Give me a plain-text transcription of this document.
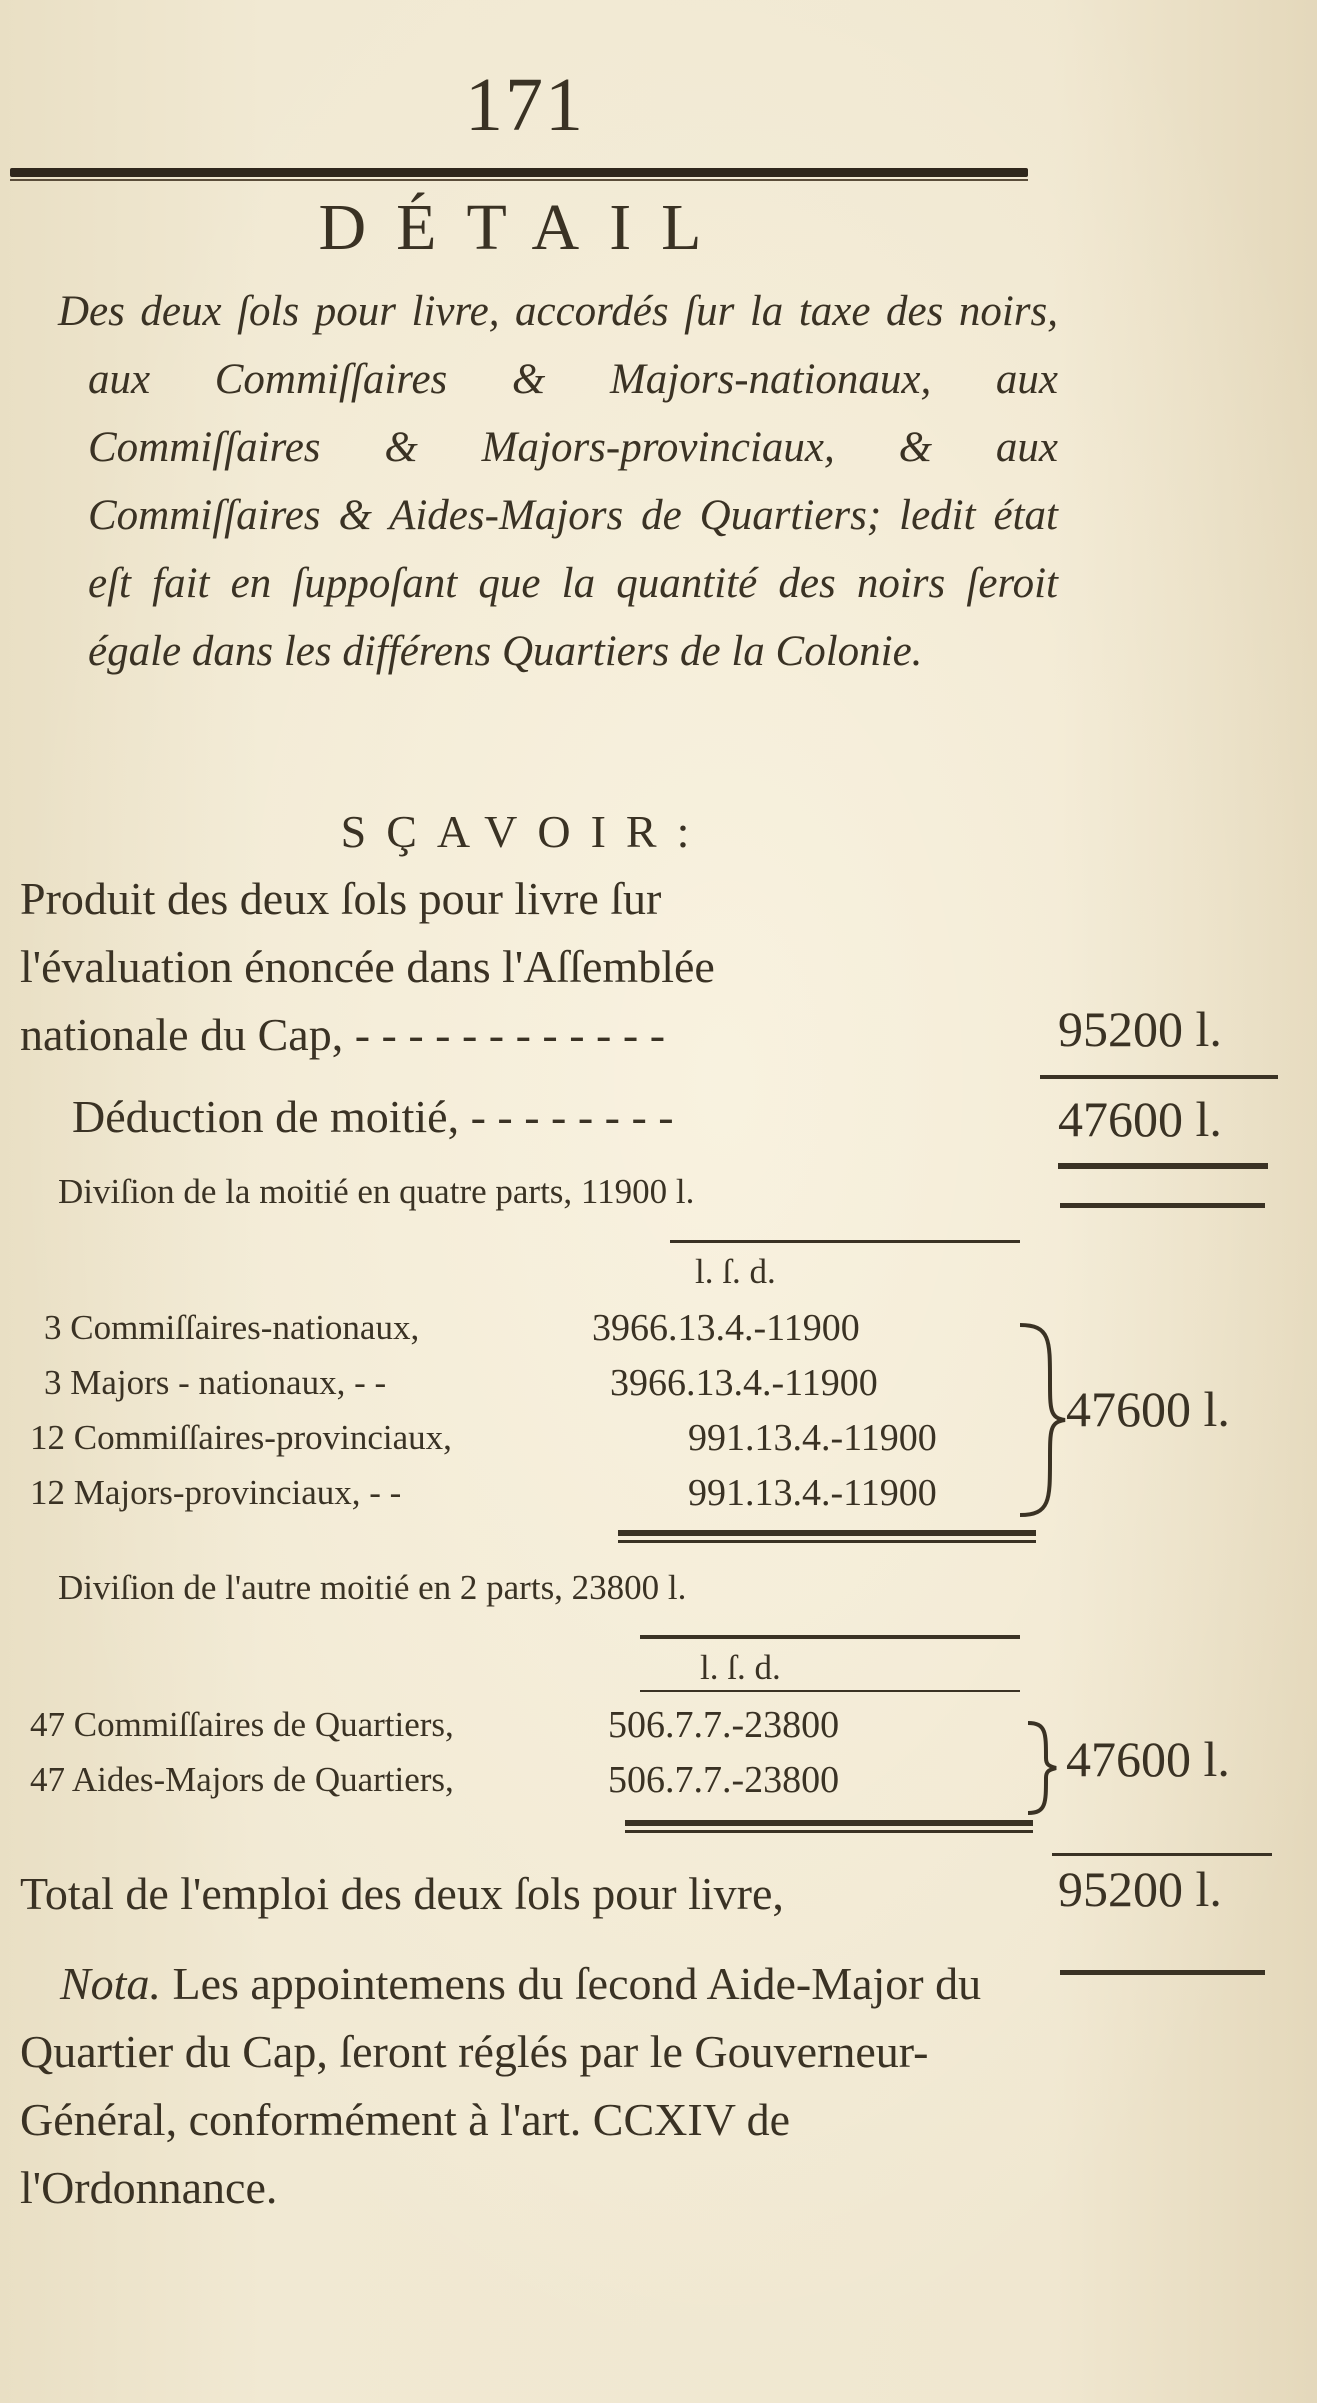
171
DÉTAIL
Des deux ſols pour livre, accordés ſur la taxe des noirs, aux Commiſſaires & Majors-nationaux, aux Commiſſaires & Majors-provinciaux, & aux Commiſſaires & Aides-Majors de Quartiers; ledit état eſt fait en ſuppoſant que la quantité des noirs ſeroit égale dans les différens Quartiers de la Colonie.
SÇAVOIR:
Produit des deux ſols pour livre ſur
l'évaluation énoncée dans l'Aſſemblée
nationale du Cap, - - - - - - - - - - - -	95200 l.
Déduction de moitié, - - - - - - - -	47600 l.
Diviſion de la moitié en quatre parts, 11900 l.
l. ſ. d.
3 Commiſſaires-nationaux,	3966.13.4.-11900
3 Majors - nationaux, - -	3966.13.4.-11900
12 Commiſſaires-provinciaux,	991.13.4.-11900
12 Majors-provinciaux, - -	991.13.4.-11900
47600 l.
Diviſion de l'autre moitié en 2 parts, 23800 l.
l. ſ. d.
47 Commiſſaires de Quartiers,	506.7.7.-23800
47 Aides-Majors de Quartiers,	506.7.7.-23800	47600 l.
Total de l'emploi des deux ſols pour livre,	95200 l.
Nota. Les appointemens du ſecond Aide-Major du Quartier du Cap, ſeront réglés par le Gouverneur-Général, conformément à l'art. CCXIV de l'Ordonnance.
